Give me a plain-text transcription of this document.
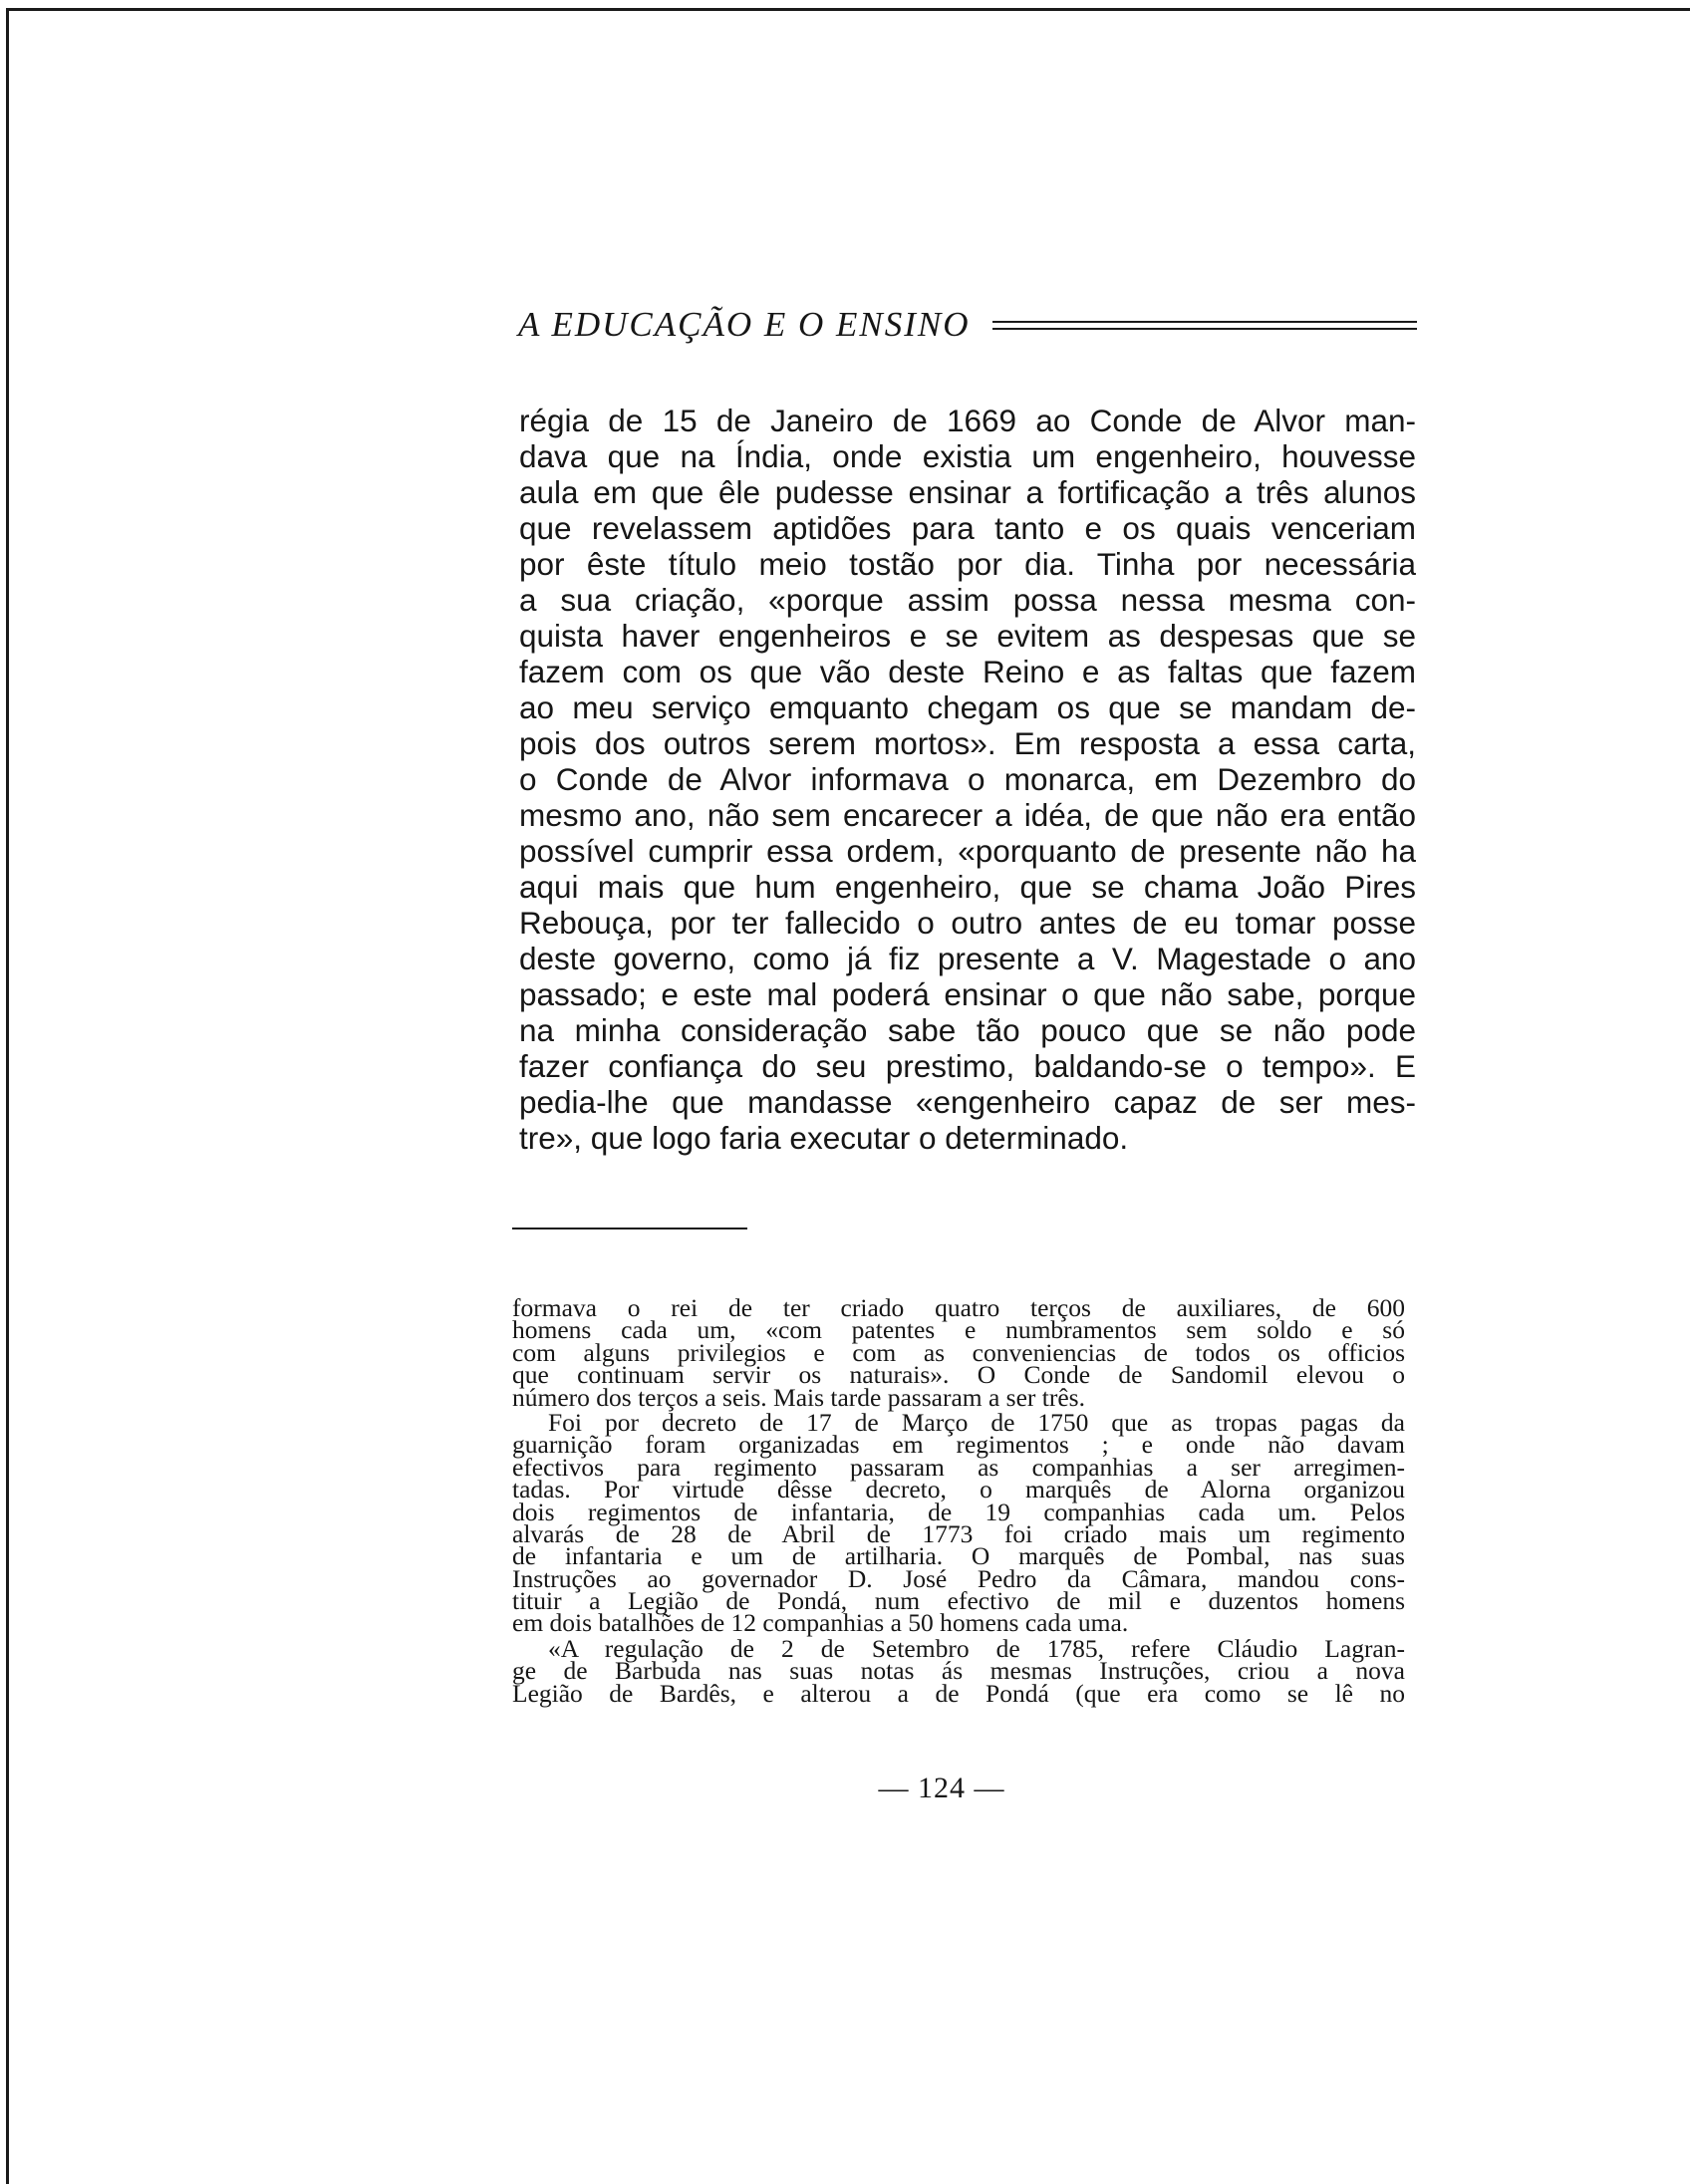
A EDUCAÇÃO E O ENSINO
régia de 15 de Janeiro de 1669 ao Conde de Alvor man-
dava que na Índia, onde existia um engenheiro, houvesse
aula em que êle pudesse ensinar a fortificação a três alunos
que revelassem aptidões para tanto e os quais venceriam
por êste título meio tostão por dia. Tinha por necessária
a sua criação, «porque assim possa nessa mesma con-
quista haver engenheiros e se evitem as despesas que se
fazem com os que vão deste Reino e as faltas que fazem
ao meu serviço emquanto chegam os que se mandam de-
pois dos outros serem mortos». Em resposta a essa carta,
o Conde de Alvor informava o monarca, em Dezembro do
mesmo ano, não sem encarecer a idéa, de que não era então
possível cumprir essa ordem, «porquanto de presente não ha
aqui mais que hum engenheiro, que se chama João Pires
Rebouça, por ter fallecido o outro antes de eu tomar posse
deste governo, como já fiz presente a V. Magestade o ano
passado; e este mal poderá ensinar o que não sabe, porque
na minha consideração sabe tão pouco que se não pode
fazer confiança do seu prestimo, baldando-se o tempo». E
pedia-lhe que mandasse «engenheiro capaz de ser mes-
tre», que logo faria executar o determinado.
formava o rei de ter criado quatro terços de auxiliares, de 600
homens cada um, «com patentes e numbramentos sem soldo e só
com alguns privilegios e com as conveniencias de todos os officios
que continuam servir os naturais». O Conde de Sandomil elevou o
número dos terços a seis. Mais tarde passaram a ser três.
Foi por decreto de 17 de Março de 1750 que as tropas pagas da
guarnição foram organizadas em regimentos ; e onde não davam
efectivos para regimento passaram as companhias a ser arregimen-
tadas. Por virtude dêsse decreto, o marquês de Alorna organizou
dois regimentos de infantaria, de 19 companhias cada um. Pelos
alvarás de 28 de Abril de 1773 foi criado mais um regimento
de infantaria e um de artilharia. O marquês de Pombal, nas suas
Instruções ao governador D. José Pedro da Câmara, mandou cons-
tituir a Legião de Pondá, num efectivo de mil e duzentos homens
em dois batalhões de 12 companhias a 50 homens cada uma.
«A regulação de 2 de Setembro de 1785, refere Cláudio Lagran-
ge de Barbuda nas suas notas ás mesmas Instruções, criou a nova
Legião de Bardês, e alterou a de Pondá (que era como se lê no
— 124 —
